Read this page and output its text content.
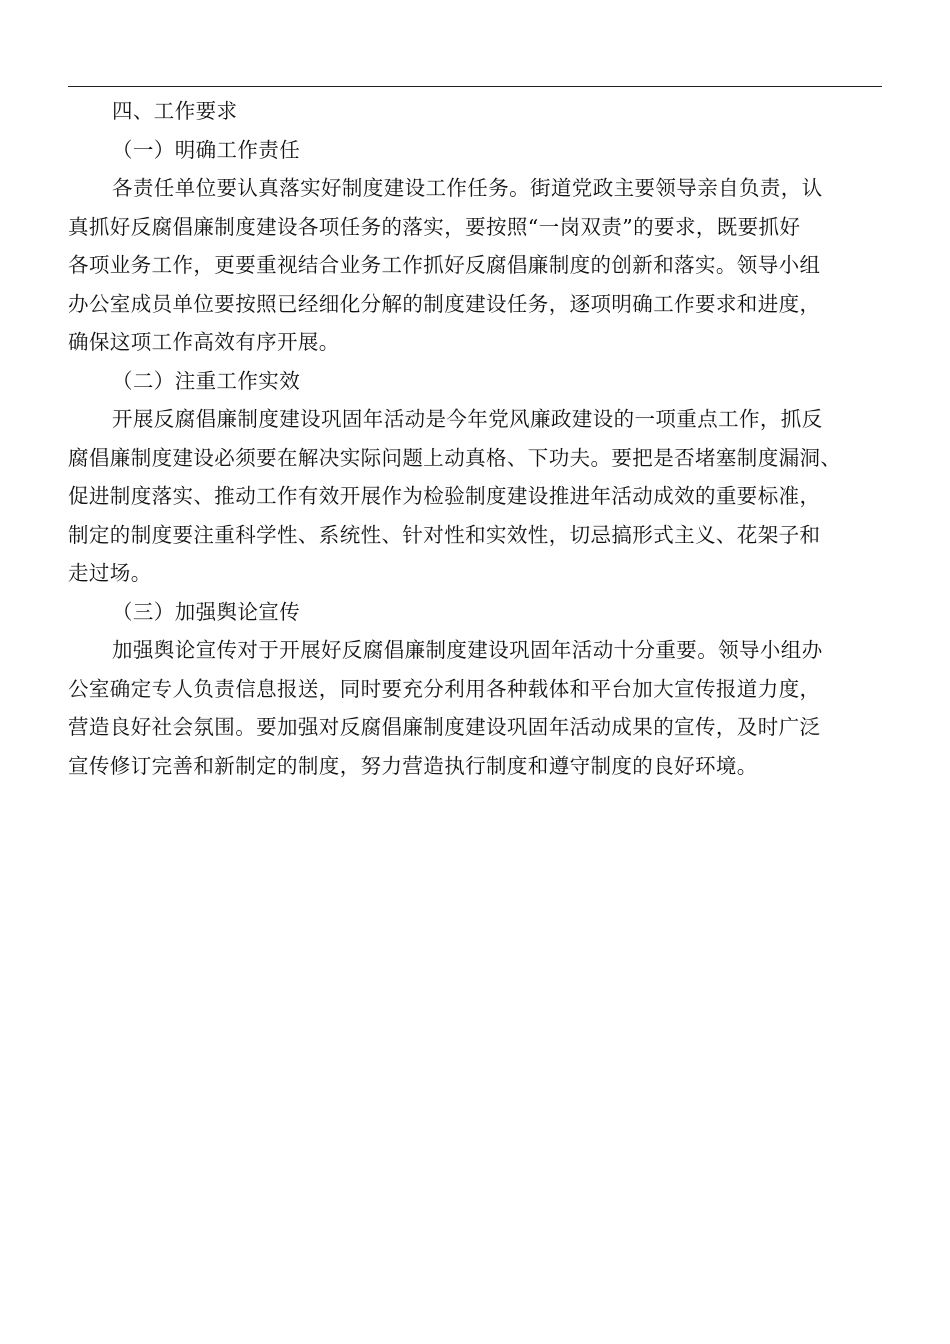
四、工作要求

（一）明确工作责任

各责任单位要认真落实好制度建设工作任务。街道党政主要领导亲自负责，认
真抓好反腐倡廉制度建设各项任务的落实，要按照“一岗双责”的要求，既要抓好
各项业务工作，更要重视结合业务工作抓好反腐倡廉制度的创新和落实。领导小组
办公室成员单位要按照已经细化分解的制度建设任务，逐项明确工作要求和进度，
确保这项工作高效有序开展。

（二）注重工作实效

开展反腐倡廉制度建设巩固年活动是今年党风廉政建设的一项重点工作，抓反
腐倡廉制度建设必须要在解决实际问题上动真格、下功夫。要把是否堵塞制度漏洞、
促进制度落实、推动工作有效开展作为检验制度建设推进年活动成效的重要标准，
制定的制度要注重科学性、系统性、针对性和实效性，切忌搞形式主义、花架子和
走过场。

（三）加强舆论宣传

加强舆论宣传对于开展好反腐倡廉制度建设巩固年活动十分重要。领导小组办
公室确定专人负责信息报送，同时要充分利用各种载体和平台加大宣传报道力度，
营造良好社会氛围。要加强对反腐倡廉制度建设巩固年活动成果的宣传，及时广泛
宣传修订完善和新制定的制度，努力营造执行制度和遵守制度的良好环境。
